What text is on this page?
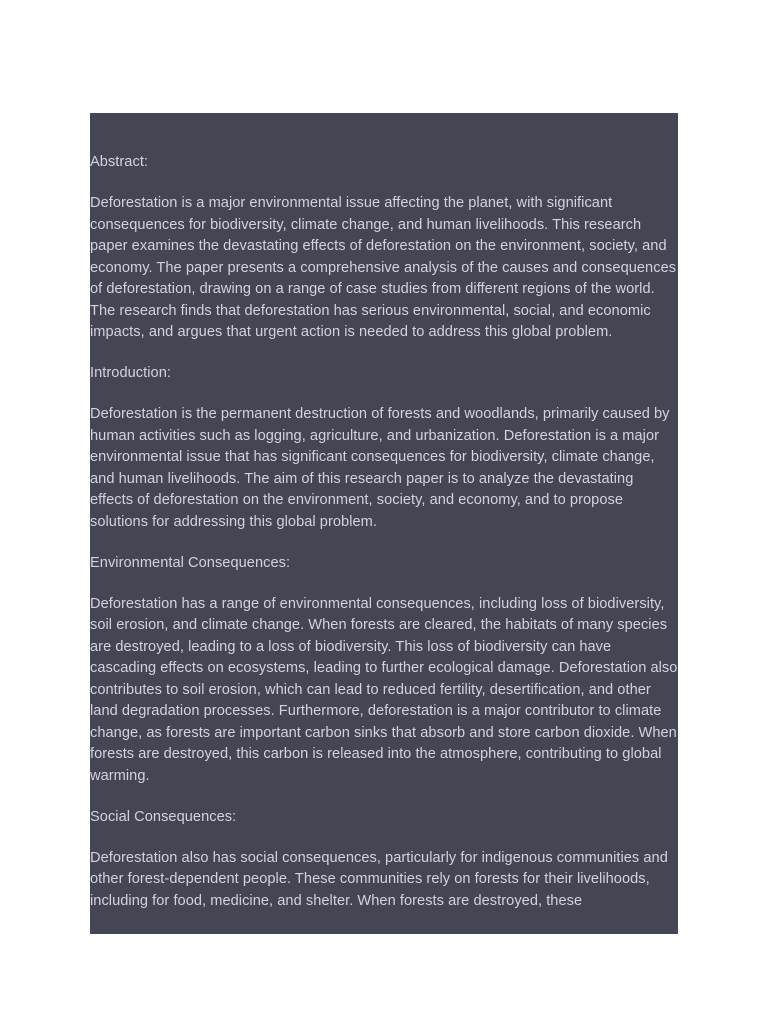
Abstract:

Deforestation is a major environmental issue affecting the planet, with significant consequences for biodiversity, climate change, and human livelihoods. This research paper examines the devastating effects of deforestation on the environment, society, and economy. The paper presents a comprehensive analysis of the causes and consequences of deforestation, drawing on a range of case studies from different regions of the world. The research finds that deforestation has serious environmental, social, and economic impacts, and argues that urgent action is needed to address this global problem.

Introduction:

Deforestation is the permanent destruction of forests and woodlands, primarily caused by human activities such as logging, agriculture, and urbanization. Deforestation is a major environmental issue that has significant consequences for biodiversity, climate change, and human livelihoods. The aim of this research paper is to analyze the devastating effects of deforestation on the environment, society, and economy, and to propose solutions for addressing this global problem.

Environmental Consequences:

Deforestation has a range of environmental consequences, including loss of biodiversity, soil erosion, and climate change. When forests are cleared, the habitats of many species are destroyed, leading to a loss of biodiversity. This loss of biodiversity can have cascading effects on ecosystems, leading to further ecological damage. Deforestation also contributes to soil erosion, which can lead to reduced fertility, desertification, and other land degradation processes. Furthermore, deforestation is a major contributor to climate change, as forests are important carbon sinks that absorb and store carbon dioxide. When forests are destroyed, this carbon is released into the atmosphere, contributing to global warming.

Social Consequences:

Deforestation also has social consequences, particularly for indigenous communities and other forest-dependent people. These communities rely on forests for their livelihoods, including for food, medicine, and shelter. When forests are destroyed, these
